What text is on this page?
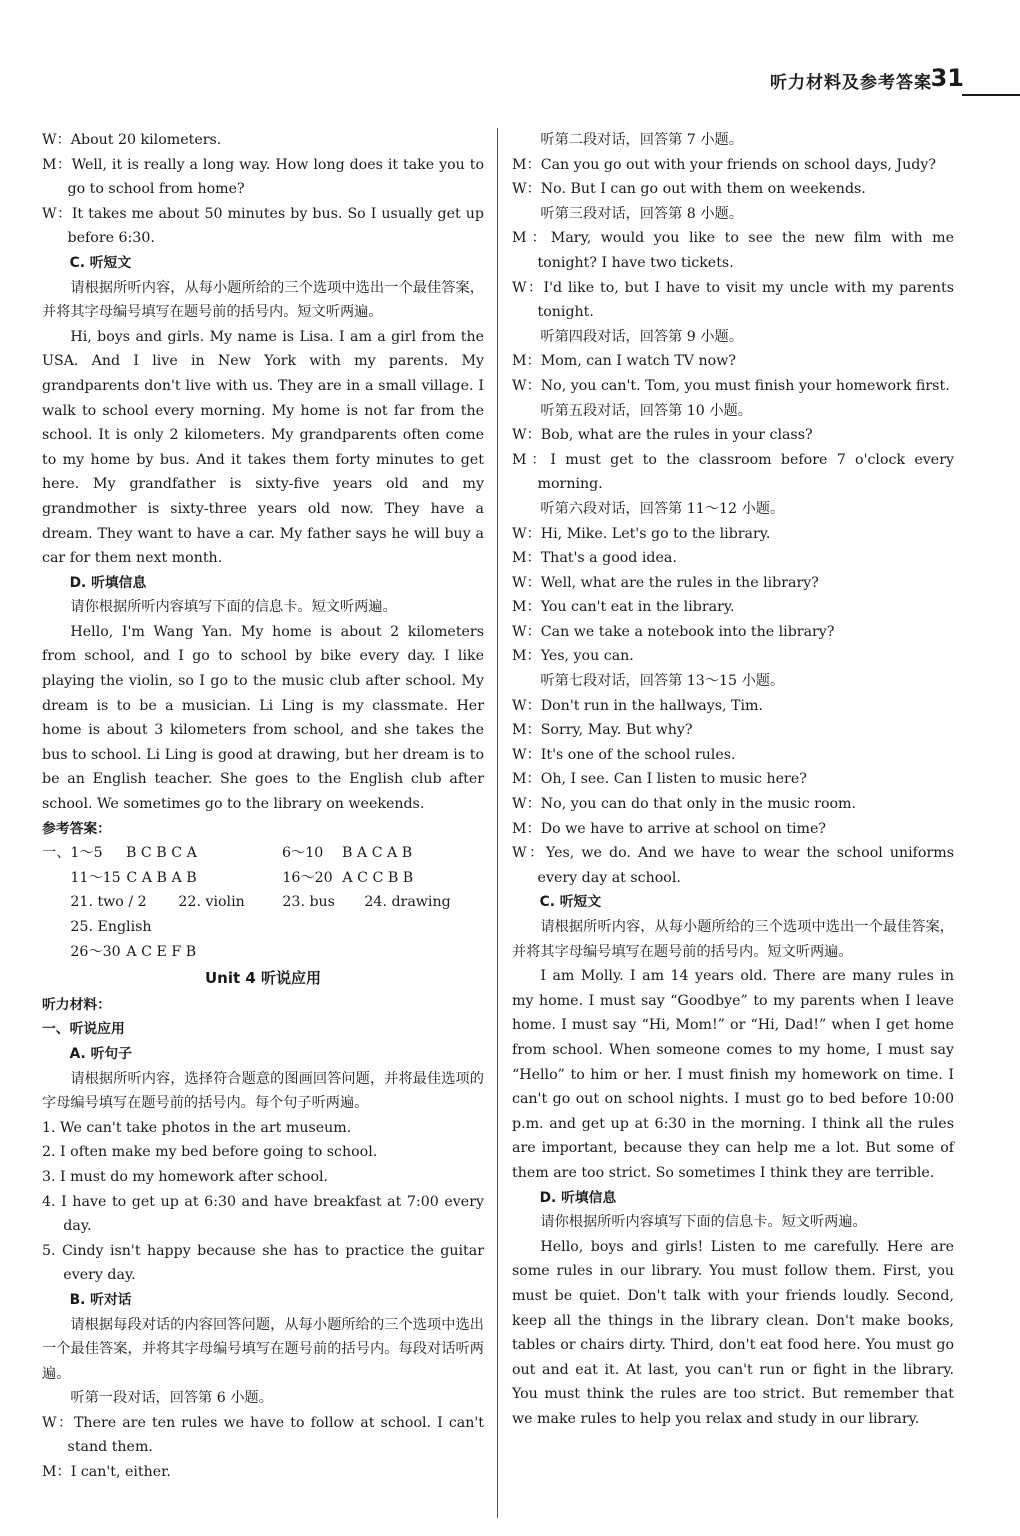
听力材料及参考答案
31

W：About 20 kilometers.

M：Well, it is really a long way. How long does it take you to go to school from home?

W：It takes me about 50 minutes by bus. So I usually get up before 6:30.

C. 听短文

请根据所听内容，从每小题所给的三个选项中选出一个最佳答案，并将其字母编号填写在题号前的括号内。短文听两遍。

Hi, boys and girls. My name is Lisa. I am a girl from the USA. And I live in New York with my parents. My grandparents don't live with us. They are in a small village. I walk to school every morning. My home is not far from the school. It is only 2 kilometers. My grandparents often come to my home by bus. And it takes them forty minutes to get here. My grandfather is sixty-five years old and my grandmother is sixty-three years old now. They have a dream. They want to have a car. My father says he will buy a car for them next month.

D. 听填信息

请你根据所听内容填写下面的信息卡。短文听两遍。

Hello, I'm Wang Yan. My home is about 2 kilometers from school, and I go to school by bike every day. I like playing the violin, so I go to the music club after school. My dream is to be a musician. Li Ling is my classmate. Her home is about 3 kilometers from school, and she takes the bus to school. Li Ling is good at drawing, but her dream is to be an English teacher. She goes to the English club after school. We sometimes go to the library on weekends.

参考答案：

一、1～5 B C B C A	6～10 B A C A B

11～15 C A B A B	16～20 A C C B B

21. two / 2 22. violin	23. bus 24. drawing

25. English

26～30 A C E F B

Unit 4 听说应用

听力材料：

一、听说应用

A. 听句子

请根据所听内容，选择符合题意的图画回答问题，并将最佳选项的字母编号填写在题号前的括号内。每个句子听两遍。

1. We can't take photos in the art museum.

2. I often make my bed before going to school.

3. I must do my homework after school.

4. I have to get up at 6:30 and have breakfast at 7:00 every day.

5. Cindy isn't happy because she has to practice the guitar every day.

B. 听对话

请根据每段对话的内容回答问题，从每小题所给的三个选项中选出一个最佳答案，并将其字母编号填写在题号前的括号内。每段对话听两遍。

听第一段对话，回答第 6 小题。

W：There are ten rules we have to follow at school. I can't stand them.

M：I can't, either.

听第二段对话，回答第 7 小题。

M：Can you go out with your friends on school days, Judy?

W：No. But I can go out with them on weekends.

听第三段对话，回答第 8 小题。

M：Mary, would you like to see the new film with me tonight? I have two tickets.

W：I'd like to, but I have to visit my uncle with my parents tonight.

听第四段对话，回答第 9 小题。

M：Mom, can I watch TV now?

W：No, you can't. Tom, you must finish your homework first.

听第五段对话，回答第 10 小题。

W：Bob, what are the rules in your class?

M：I must get to the classroom before 7 o'clock every morning.

听第六段对话，回答第 11～12 小题。

W：Hi, Mike. Let's go to the library.

M：That's a good idea.

W：Well, what are the rules in the library?

M：You can't eat in the library.

W：Can we take a notebook into the library?

M：Yes, you can.

听第七段对话，回答第 13～15 小题。

W：Don't run in the hallways, Tim.

M：Sorry, May. But why?

W：It's one of the school rules.

M：Oh, I see. Can I listen to music here?

W：No, you can do that only in the music room.

M：Do we have to arrive at school on time?

W：Yes, we do. And we have to wear the school uniforms every day at school.

C. 听短文

请根据所听内容，从每小题所给的三个选项中选出一个最佳答案，并将其字母编号填写在题号前的括号内。短文听两遍。

I am Molly. I am 14 years old. There are many rules in my home. I must say “Goodbye” to my parents when I leave home. I must say “Hi, Mom!” or “Hi, Dad!” when I get home from school. When someone comes to my home, I must say “Hello” to him or her. I must finish my homework on time. I can't go out on school nights. I must go to bed before 10:00 p.m. and get up at 6:30 in the morning. I think all the rules are important, because they can help me a lot. But some of them are too strict. So sometimes I think they are terrible.

D. 听填信息

请你根据所听内容填写下面的信息卡。短文听两遍。

Hello, boys and girls! Listen to me carefully. Here are some rules in our library. You must follow them. First, you must be quiet. Don't talk with your friends loudly. Second, keep all the things in the library clean. Don't make books, tables or chairs dirty. Third, don't eat food here. You must go out and eat it. At last, you can't run or fight in the library. You must think the rules are too strict. But remember that we make rules to help you relax and study in our library.
